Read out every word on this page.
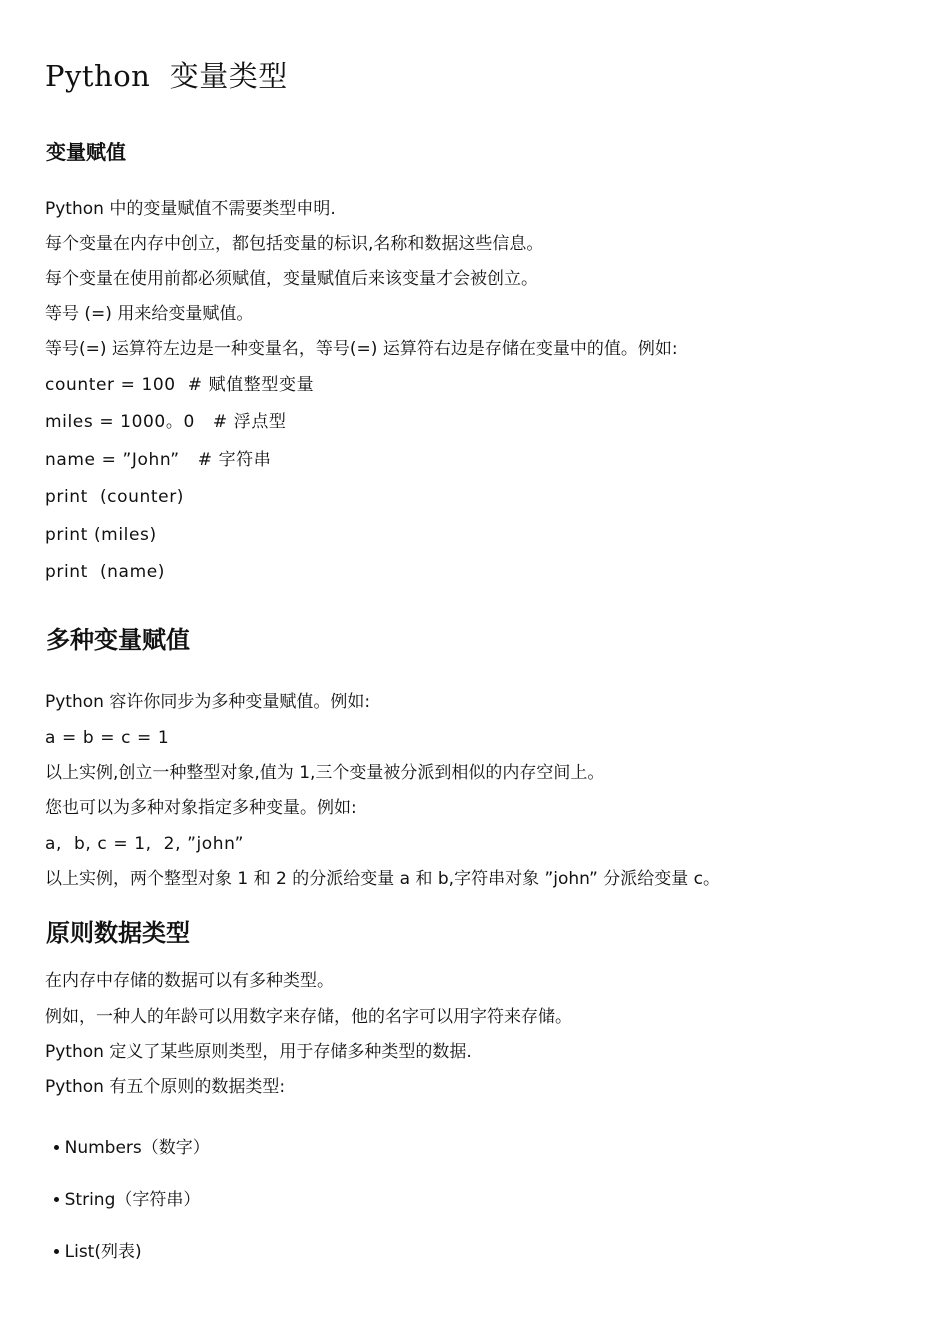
Python  变量类型
变量赋值

Python 中的变量赋值不需要类型申明.

每个变量在内存中创立，都包括变量的标识,名称和数据这些信息。

每个变量在使用前都必须赋值，变量赋值后来该变量才会被创立。

等号 (=) 用来给变量赋值。

等号(=) 运算符左边是一种变量名，等号(=) 运算符右边是存储在变量中的值。例如:

counter = 100  # 赋值整型变量

miles = 1000。0   # 浮点型

name = ”John”   # 字符串

print  (counter)

print (miles)

print  (name)

多种变量赋值

Python 容许你同步为多种变量赋值。例如:

a = b = c = 1

以上实例,创立一种整型对象,值为 1,三个变量被分派到相似的内存空间上。

您也可以为多种对象指定多种变量。例如:

a,  b, c = 1,  2, ”john”

以上实例，两个整型对象 1 和 2 的分派给变量 a 和 b,字符串对象 ”john” 分派给变量 c。

原则数据类型

在内存中存储的数据可以有多种类型。

例如，一种人的年龄可以用数字来存储，他的名字可以用字符来存储。

Python 定义了某些原则类型，用于存储多种类型的数据.

Python 有五个原则的数据类型:

Numbers（数字）

String（字符串）

List(列表)
